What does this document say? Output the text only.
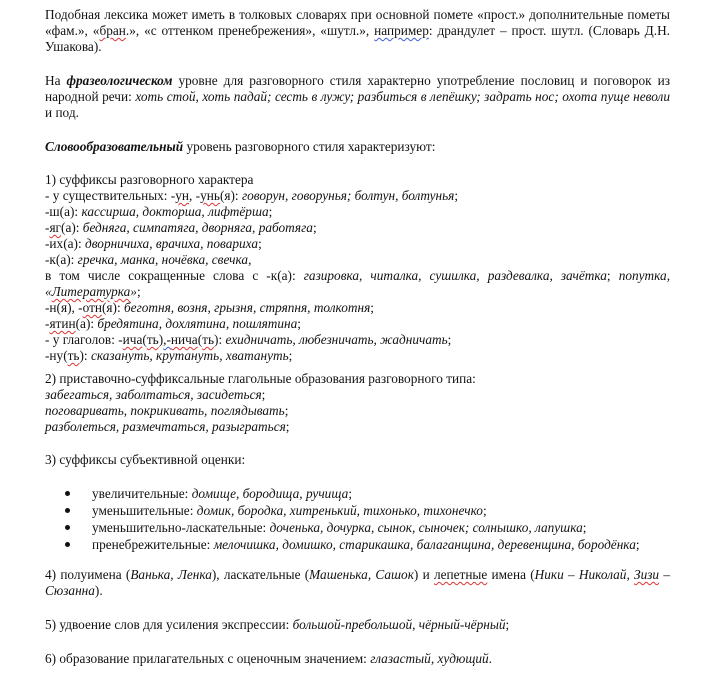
Подобная лексика может иметь в толковых словарях при основной помете «прост.» дополнительные пометы «фам.», «бран.», «с оттенком пренебрежения», «шутл.», например: драндулет – прост. шутл. (Словарь Д.Н. Ушакова).

На фразеологическом уровне для разговорного стиля характерно употребление пословиц и поговорок из народной речи: хоть стой, хоть падай; сесть в лужу; разбиться в лепёшку; задрать нос; охота пуще неволи и под.

Словообразовательный уровень разговорного стиля характеризуют:

1) суффиксы разговорного характера
- у существительных: -ун, -унь(я): говорун, говорунья; болтун, болтунья;
-ш(а): кассирша, докторша, лифтёрша;
-яг(а): бедняга, симпатяга, дворняга, работяга;
-их(а): дворничиха, врачиха, повариха;
-к(а): гречка, манка, ночёвка, свечка,
в том числе сокращенные слова с -к(а): газировка, читалка, сушилка, раздевалка, зачётка; попутка, «Литературка»;
-н(я), -отн(я): беготня, возня, грызня, стряпня, толкотня;
-ятин(а): бредятина, дохлятина, пошлятина;
- у глаголов: -ича(ть),-нича(ть): ехидничать, любезничать, жадничать;
-ну(ть): сказануть, крутануть, хватануть;
2) приставочно-суффиксальные глагольные образования разговорного типа:
забегаться, заболтаться, засидеться;
поговаривать, покрикивать, поглядывать;
разболеться, размечтаться, разыграться;
3) суффиксы субъективной оценки:
увеличительные: домище, бородища, ручища;
уменьшительные: домик, бородка, хитренький, тихонько, тихонечко;
уменьшительно-ласкательные: доченька, дочурка, сынок, сыночек; солнышко, лапушка;
пренебрежительные: мелочишка, домишко, старикашка, балаганщина, деревенщина, бородёнка;

4) полуимена (Ванька, Ленка), ласкательные (Машенька, Сашок) и лепетные имена (Ники – Николай, Зизи – Сюзанна).

5) удвоение слов для усиления экспрессии: большой-пребольшой, чёрный-чёрный;

6) образование прилагательных с оценочным значением: глазастый, худющий.
